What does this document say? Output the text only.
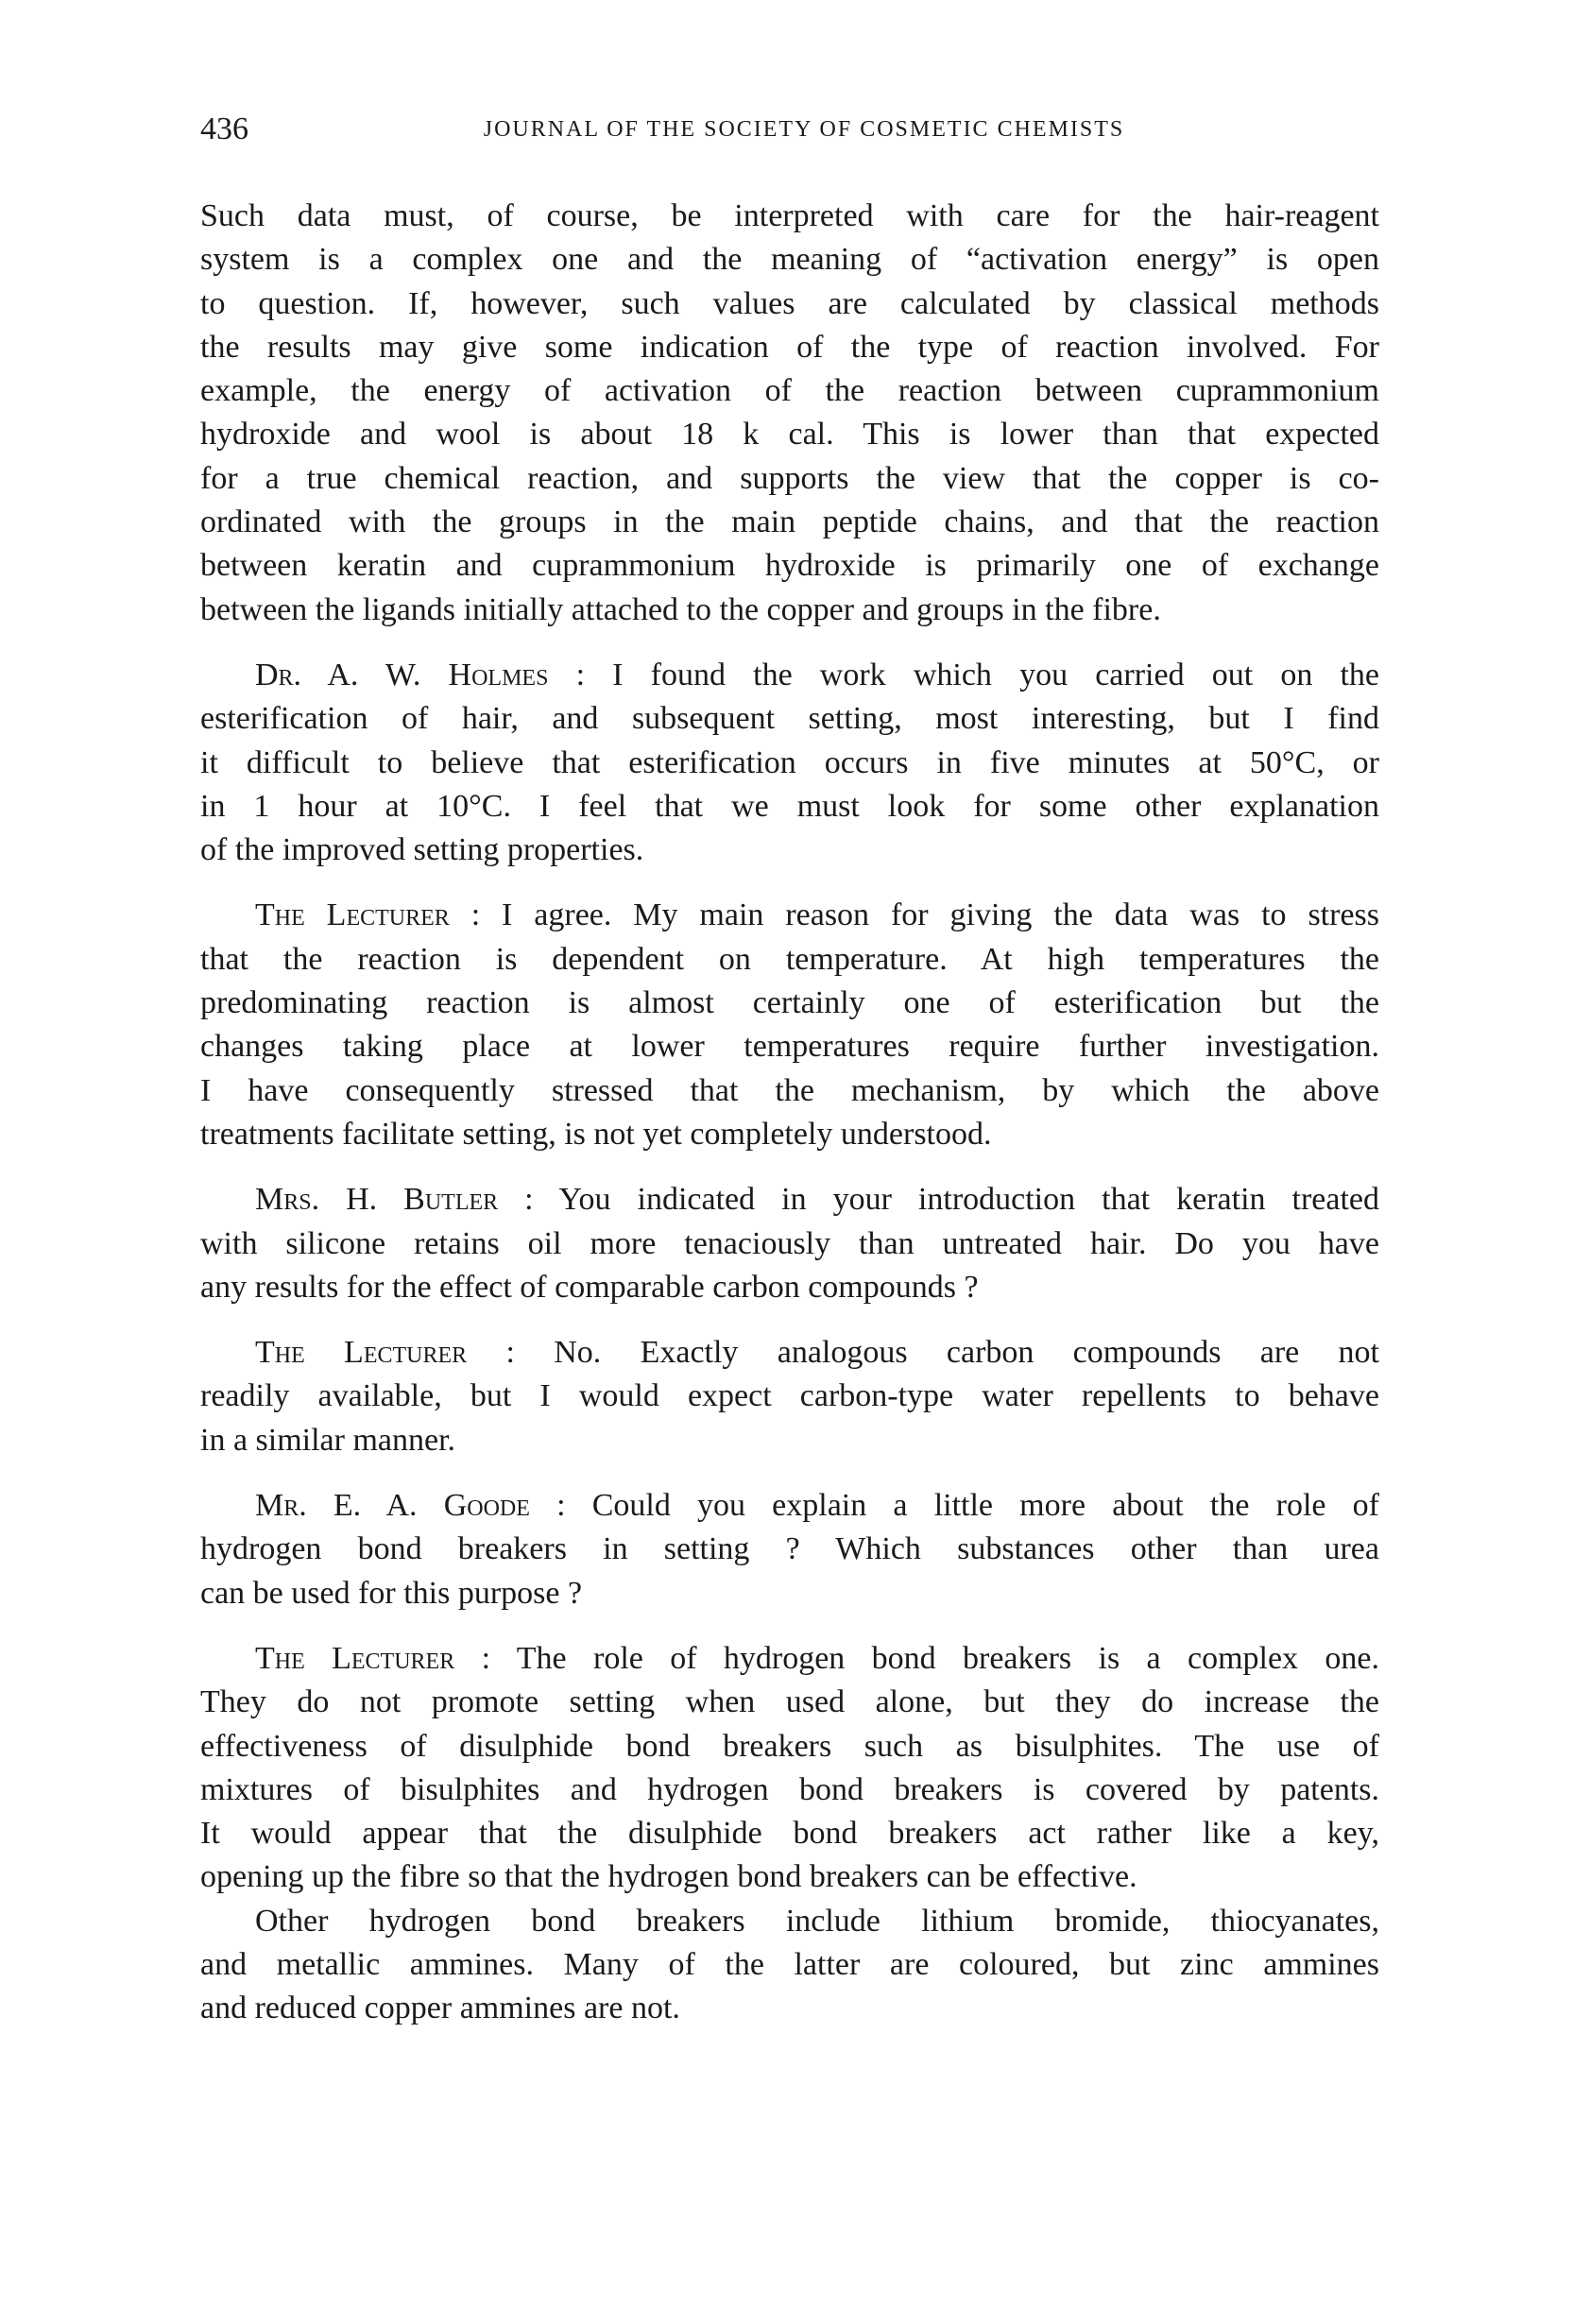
436	JOURNAL OF THE SOCIETY OF COSMETIC CHEMISTS
Such data must, of course, be interpreted with care for the hair-reagent
system is a complex one and the meaning of “activation energy” is open
to question. If, however, such values are calculated by classical methods
the results may give some indication of the type of reaction involved. For
example, the energy of activation of the reaction between cuprammonium
hydroxide and wool is about 18 k cal. This is lower than that expected
for a true chemical reaction, and supports the view that the copper is co-
ordinated with the groups in the main peptide chains, and that the reaction
between keratin and cuprammonium hydroxide is primarily one of exchange
between the ligands initially attached to the copper and groups in the fibre.
Dr. A. W. Holmes : I found the work which you carried out on the
esterification of hair, and subsequent setting, most interesting, but I find
it difficult to believe that esterification occurs in five minutes at 50°C, or
in 1 hour at 10°C. I feel that we must look for some other explanation
of the improved setting properties.
The Lecturer : I agree. My main reason for giving the data was to stress
that the reaction is dependent on temperature. At high temperatures the
predominating reaction is almost certainly one of esterification but the
changes taking place at lower temperatures require further investigation.
I have consequently stressed that the mechanism, by which the above
treatments facilitate setting, is not yet completely understood.
Mrs. H. Butler : You indicated in your introduction that keratin treated
with silicone retains oil more tenaciously than untreated hair. Do you have
any results for the effect of comparable carbon compounds ?
The Lecturer : No. Exactly analogous carbon compounds are not
readily available, but I would expect carbon-type water repellents to behave
in a similar manner.
Mr. E. A. Goode : Could you explain a little more about the role of
hydrogen bond breakers in setting ? Which substances other than urea
can be used for this purpose ?
The Lecturer : The role of hydrogen bond breakers is a complex one.
They do not promote setting when used alone, but they do increase the
effectiveness of disulphide bond breakers such as bisulphites. The use of
mixtures of bisulphites and hydrogen bond breakers is covered by patents.
It would appear that the disulphide bond breakers act rather like a key,
opening up the fibre so that the hydrogen bond breakers can be effective.
Other hydrogen bond breakers include lithium bromide, thiocyanates,
and metallic ammines. Many of the latter are coloured, but zinc ammines
and reduced copper ammines are not.
